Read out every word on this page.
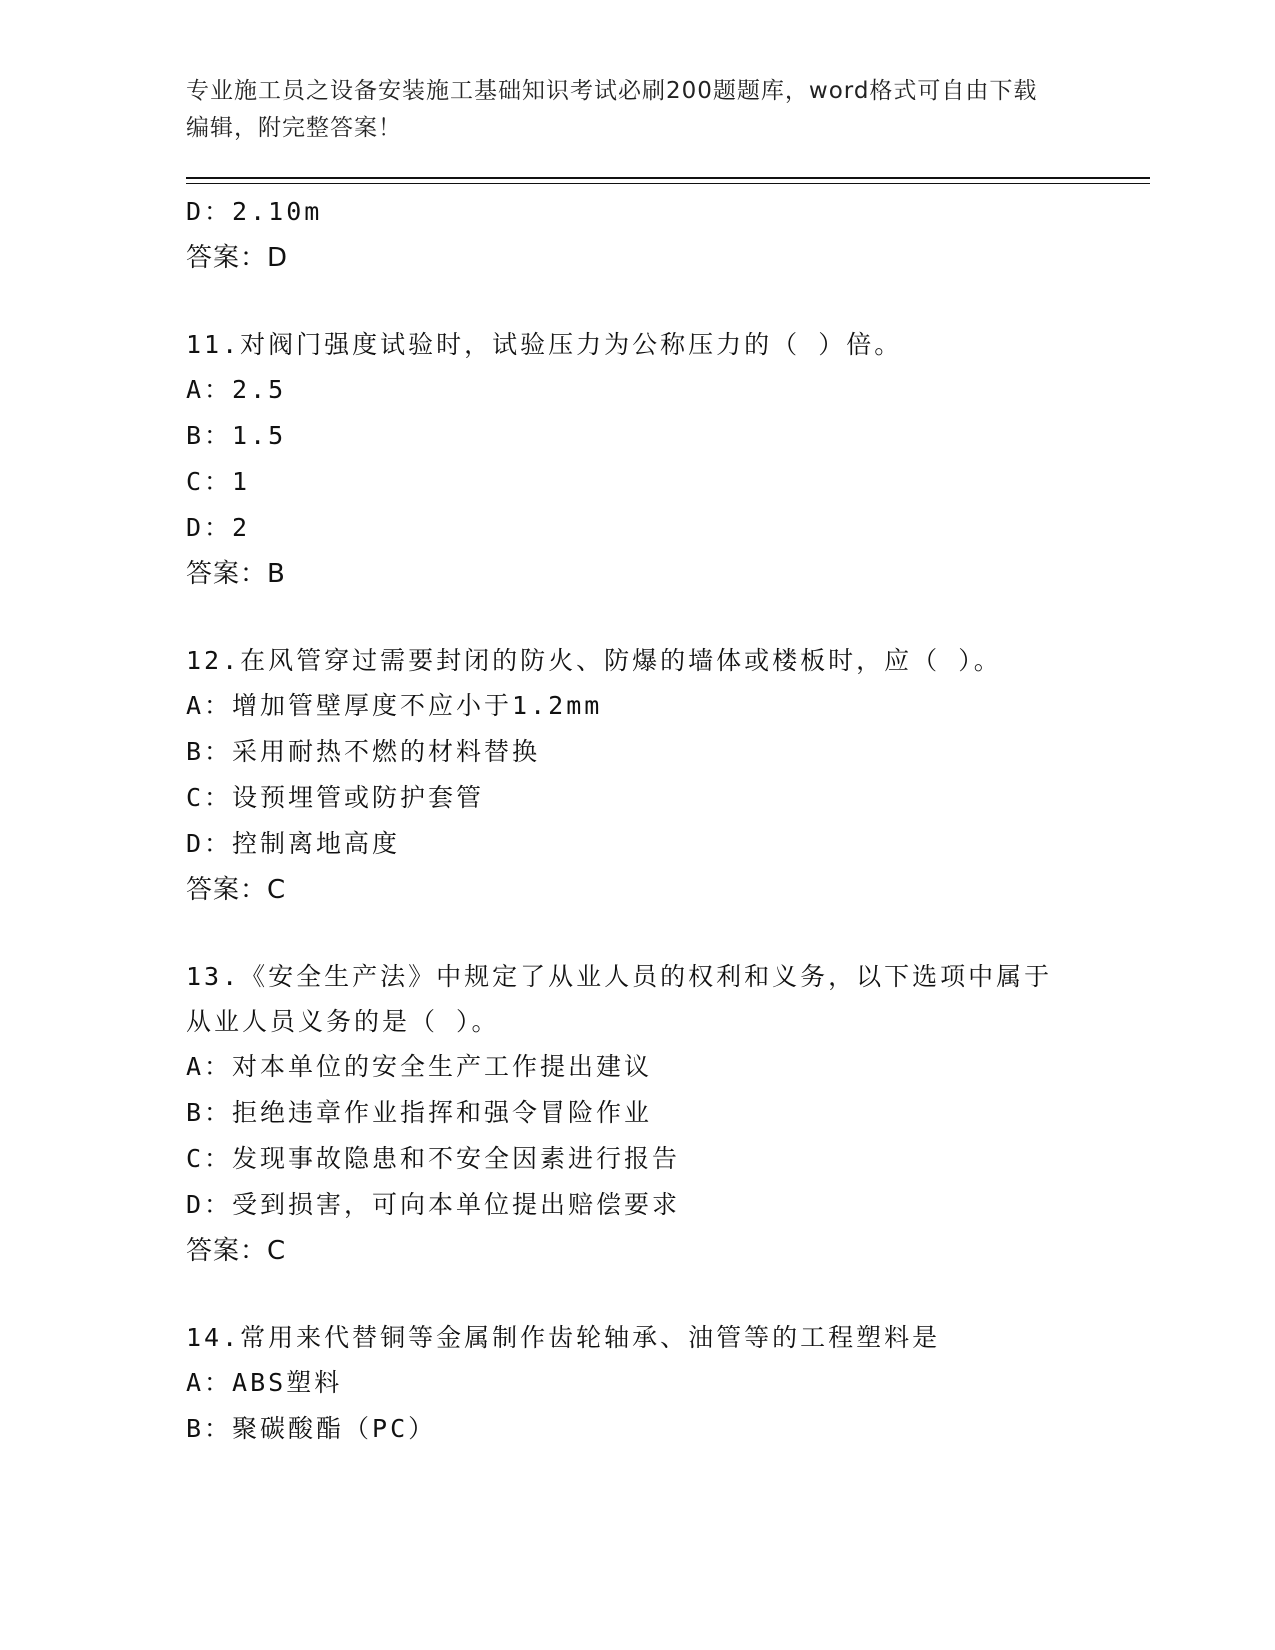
专业施工员之设备安装施工基础知识考试必刷200题题库，word格式可自由下载
编辑，附完整答案！
D：2.10m
答案：D
11.对阀门强度试验时，试验压力为公称压力的（ ）倍。
A：2.5
B：1.5
C：1
D：2
答案：B
12.在风管穿过需要封闭的防火、防爆的墙体或楼板时，应（ ）。
A：增加管壁厚度不应小于1.2mm
B：采用耐热不燃的材料替换
C：设预埋管或防护套管
D：控制离地高度
答案：C
13.《安全生产法》中规定了从业人员的权利和义务，以下选项中属于
从业人员义务的是（ ）。
A：对本单位的安全生产工作提出建议
B：拒绝违章作业指挥和强令冒险作业
C：发现事故隐患和不安全因素进行报告
D：受到损害，可向本单位提出赔偿要求
答案：C
14.常用来代替铜等金属制作齿轮轴承、油管等的工程塑料是
A：ABS塑料
B：聚碳酸酯（PC）
